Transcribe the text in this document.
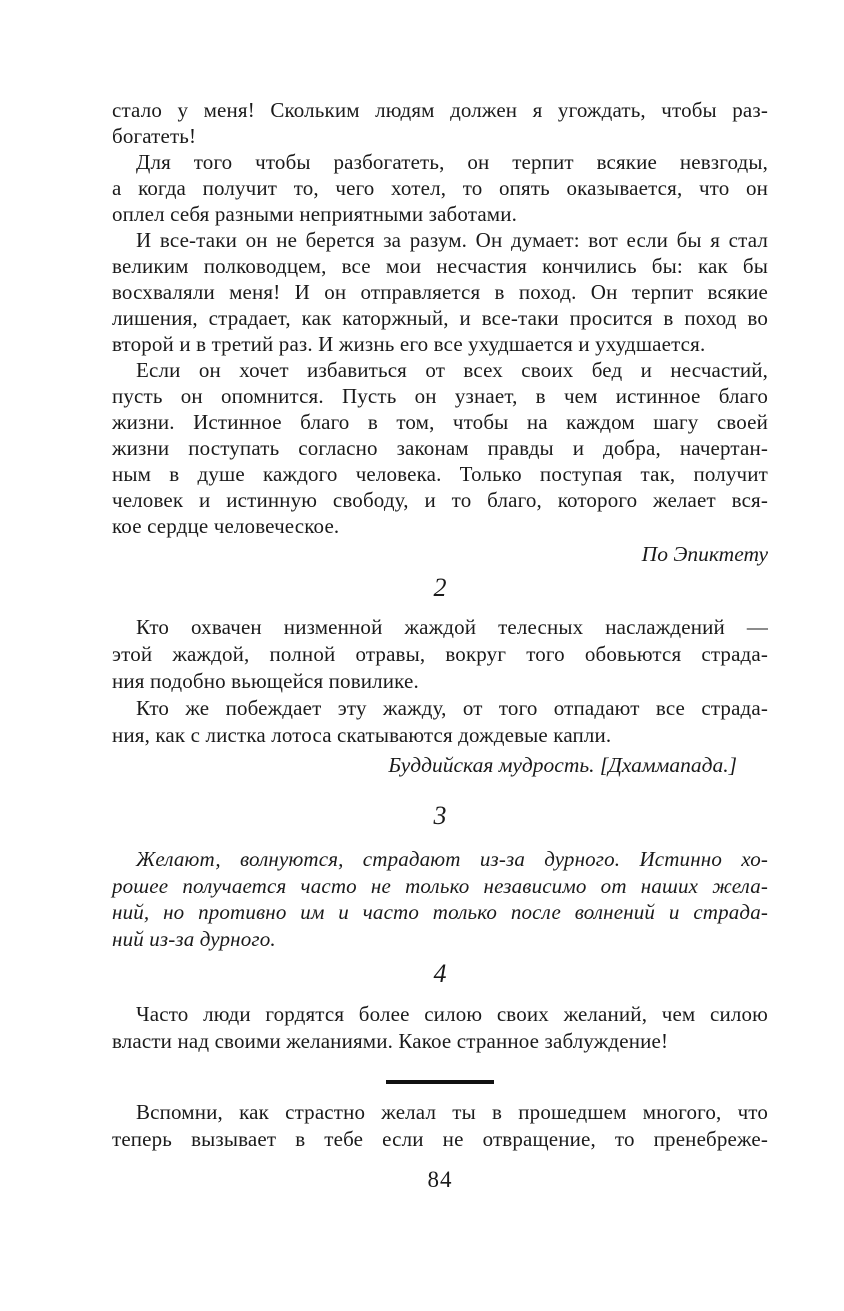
стало у меня! Скольким людям должен я угождать, чтобы раз-
богатеть!
Для того чтобы разбогатеть, он терпит всякие невзгоды,
а когда получит то, чего хотел, то опять оказывается, что он
оплел себя разными неприятными заботами.
И все-таки он не берется за разум. Он думает: вот если бы я стал
великим полководцем, все мои несчастия кончились бы: как бы
восхваляли меня! И он отправляется в поход. Он терпит всякие
лишения, страдает, как каторжный, и все-таки просится в поход во
второй и в третий раз. И жизнь его все ухудшается и ухудшается.
Если он хочет избавиться от всех своих бед и несчастий,
пусть он опомнится. Пусть он узнает, в чем истинное благо
жизни. Истинное благо в том, чтобы на каждом шагу своей
жизни поступать согласно законам правды и добра, начертан-
ным в душе каждого человека. Только поступая так, получит
человек и истинную свободу, и то благо, которого желает вся-
кое сердце человеческое.
По Эпиктету
2
Кто охвачен низменной жаждой телесных наслаждений —
этой жаждой, полной отравы, вокруг того обовьются страда-
ния подобно вьющейся повилике.
Кто же побеждает эту жажду, от того отпадают все страда-
ния, как с листка лотоса скатываются дождевые капли.
Буддийская мудрость. [Дхаммапада.]
3
Желают, волнуются, страдают из-за дурного. Истинно хо-
рошее получается часто не только независимо от наших жела-
ний, но противно им и часто только после волнений и страда-
ний из-за дурного.
4
Часто люди гордятся более силою своих желаний, чем силою
власти над своими желаниями. Какое странное заблуждение!
Вспомни, как страстно желал ты в прошедшем многого, что
теперь вызывает в тебе если не отвращение, то пренебреже-
84
